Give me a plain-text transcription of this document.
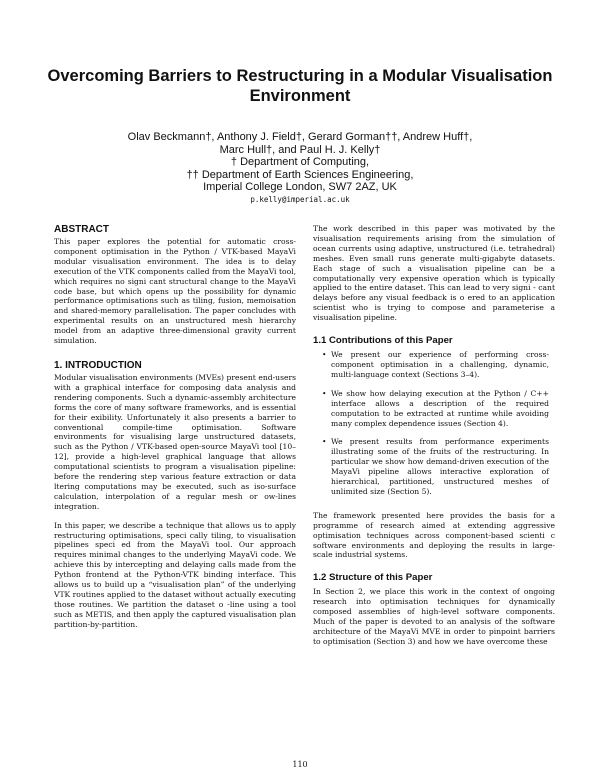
Overcoming Barriers to Restructuring in a Modular Visualisation Environment
Olav Beckmann†, Anthony J. Field†, Gerard Gorman††, Andrew Huff†,
Marc Hull†, and Paul H. J. Kelly†
† Department of Computing,
†† Department of Earth Sciences Engineering,
Imperial College London, SW7 2AZ, UK
p.kelly@imperial.ac.uk
ABSTRACT

This paper explores the potential for automatic cross-component optimisation in the Python / VTK-based MayaVi modular visualisation environment. The idea is to delay execution of the VTK components called from the MayaVi tool, which requires no signi cant structural change to the MayaVi code base, but which opens up the possibility for dynamic performance optimisations such as tiling, fusion, memoisation and shared-memory parallelisation. The paper concludes with experimental results on an unstructured mesh hierarchy model from an adaptive three-dimensional gravity current simulation.

1. INTRODUCTION

Modular visualisation environments (MVEs) present end-users with a graphical interface for composing data analysis and rendering components. Such a dynamic-assembly architecture forms the core of many software frameworks, and is essential for their exibility. Unfortunately it also presents a barrier to conventional compile-time optimisation. Software environments for visualising large unstructured datasets, such as the Python / VTK-based open-source MayaVi tool [10–12], provide a high-level graphical language that allows computational scientists to program a visualisation pipeline: before the rendering step various feature extraction or data ltering computations may be executed, such as iso-surface calculation, interpolation of a regular mesh or ow-lines integration.

In this paper, we describe a technique that allows us to apply restructuring optimisations, speci cally tiling, to visualisation pipelines speci ed from the MayaVi tool. Our approach requires minimal changes to the underlying MayaVi code. We achieve this by intercepting and delaying calls made from the Python frontend at the Python-VTK binding interface. This allows us to build up a “visualisation plan” of the underlying VTK routines applied to the dataset without actually executing those routines. We partition the dataset o -line using a tool such as METIS, and then apply the captured visualisation plan partition-by-partition.

The work described in this paper was motivated by the visualisation requirements arising from the simulation of ocean currents using adaptive, unstructured (i.e. tetrahedral) meshes. Even small runs generate multi-gigabyte datasets. Each stage of such a visualisation pipeline can be a computationally very expensive operation which is typically applied to the entire dataset. This can lead to very signi - cant delays before any visual feedback is o ered to an application scientist who is trying to compose and parameterise a visualisation pipeline.

1.1 Contributions of this Paper
• We present our experience of performing cross-component optimisation in a challenging, dynamic, multi-language context (Sections 3–4).
• We show how delaying execution at the Python / C++ interface allows a description of the required computation to be extracted at runtime while avoiding many complex dependence issues (Section 4).
• We present results from performance experiments illustrating some of the fruits of the restructuring. In particular we show how demand-driven execution of the MayaVi pipeline allows interactive exploration of hierarchical, partitioned, unstructured meshes of unlimited size (Section 5).

The framework presented here provides the basis for a programme of research aimed at extending aggressive optimisation techniques across component-based scienti c software environments and deploying the results in large-scale industrial systems.

1.2 Structure of this Paper

In Section 2, we place this work in the context of ongoing research into optimisation techniques for dynamically composed assemblies of high-level software components. Much of the paper is devoted to an analysis of the software architecture of the MayaVi MVE in order to pinpoint barriers to optimisation (Section 3) and how we have overcome these

110
